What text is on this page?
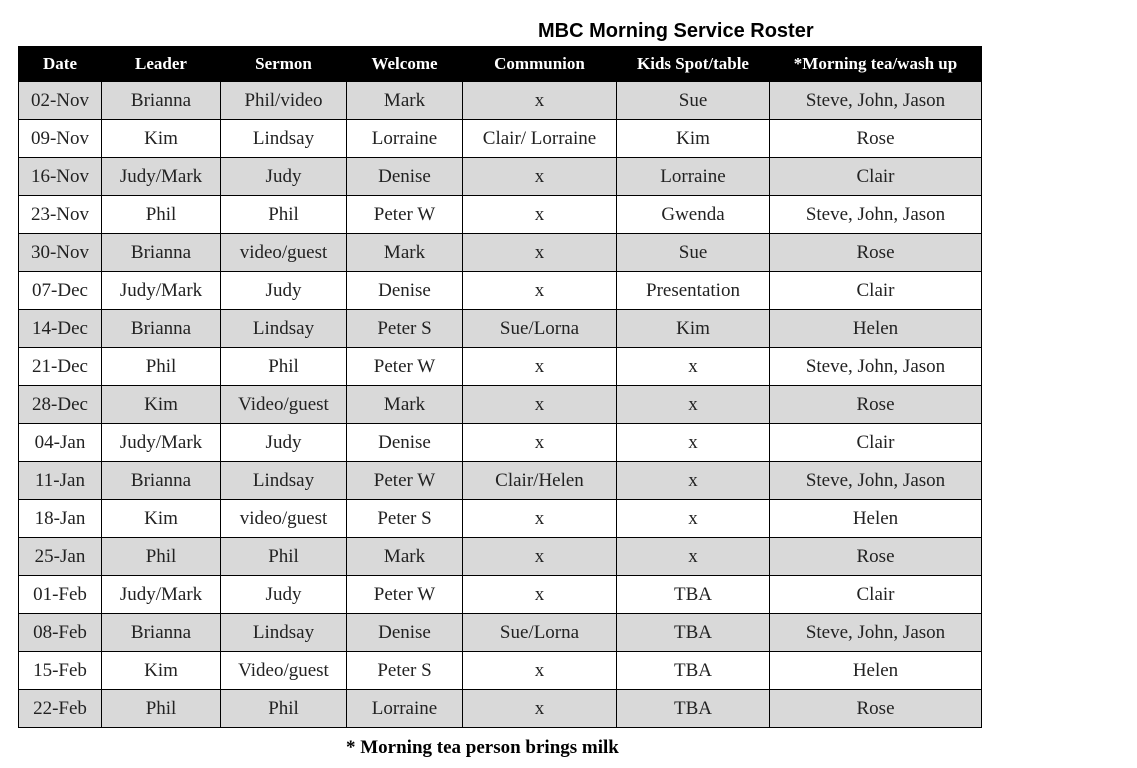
MBC Morning Service Roster
Date	Leader	Sermon	Welcome	Communion	Kids Spot/table	*Morning tea/wash up
02-Nov	Brianna	Phil/video	Mark	x	Sue	Steve, John, Jason
09-Nov	Kim	Lindsay	Lorraine	Clair/ Lorraine	Kim	Rose
16-Nov	Judy/Mark	Judy	Denise	x	Lorraine	Clair
23-Nov	Phil	Phil	Peter W	x	Gwenda	Steve, John, Jason
30-Nov	Brianna	video/guest	Mark	x	Sue	Rose
07-Dec	Judy/Mark	Judy	Denise	x	Presentation	Clair
14-Dec	Brianna	Lindsay	Peter S	Sue/Lorna	Kim	Helen
21-Dec	Phil	Phil	Peter W	x	x	Steve, John, Jason
28-Dec	Kim	Video/guest	Mark	x	x	Rose
04-Jan	Judy/Mark	Judy	Denise	x	x	Clair
11-Jan	Brianna	Lindsay	Peter W	Clair/Helen	x	Steve, John, Jason
18-Jan	Kim	video/guest	Peter S	x	x	Helen
25-Jan	Phil	Phil	Mark	x	x	Rose
01-Feb	Judy/Mark	Judy	Peter W	x	TBA	Clair
08-Feb	Brianna	Lindsay	Denise	Sue/Lorna	TBA	Steve, John, Jason
15-Feb	Kim	Video/guest	Peter S	x	TBA	Helen
22-Feb	Phil	Phil	Lorraine	x	TBA	Rose
* Morning tea person brings milk
